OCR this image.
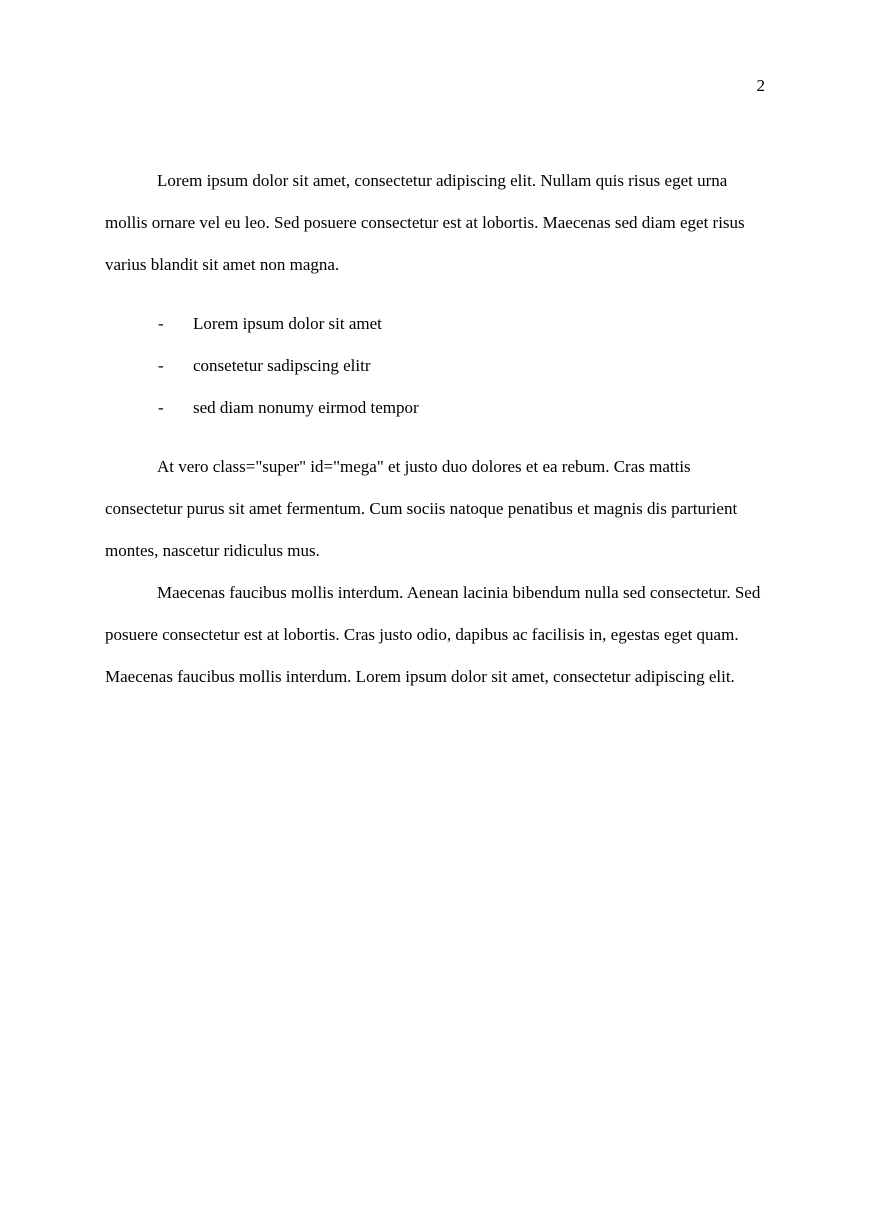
2

Lorem ipsum dolor sit amet, consectetur adipiscing elit. Nullam quis risus eget urna mollis ornare vel eu leo. Sed posuere consectetur est at lobortis. Maecenas sed diam eget risus varius blandit sit amet non magna.

-	Lorem ipsum dolor sit amet
-	consetetur sadipscing elitr
-	sed diam nonumy eirmod tempor

At vero class="super" id="mega" et justo duo dolores et ea rebum. Cras mattis consectetur purus sit amet fermentum. Cum sociis natoque penatibus et magnis dis parturient montes, nascetur ridiculus mus.

Maecenas faucibus mollis interdum. Aenean lacinia bibendum nulla sed consectetur. Sed posuere consectetur est at lobortis. Cras justo odio, dapibus ac facilisis in, egestas eget quam. Maecenas faucibus mollis interdum. Lorem ipsum dolor sit amet, consectetur adipiscing elit.
